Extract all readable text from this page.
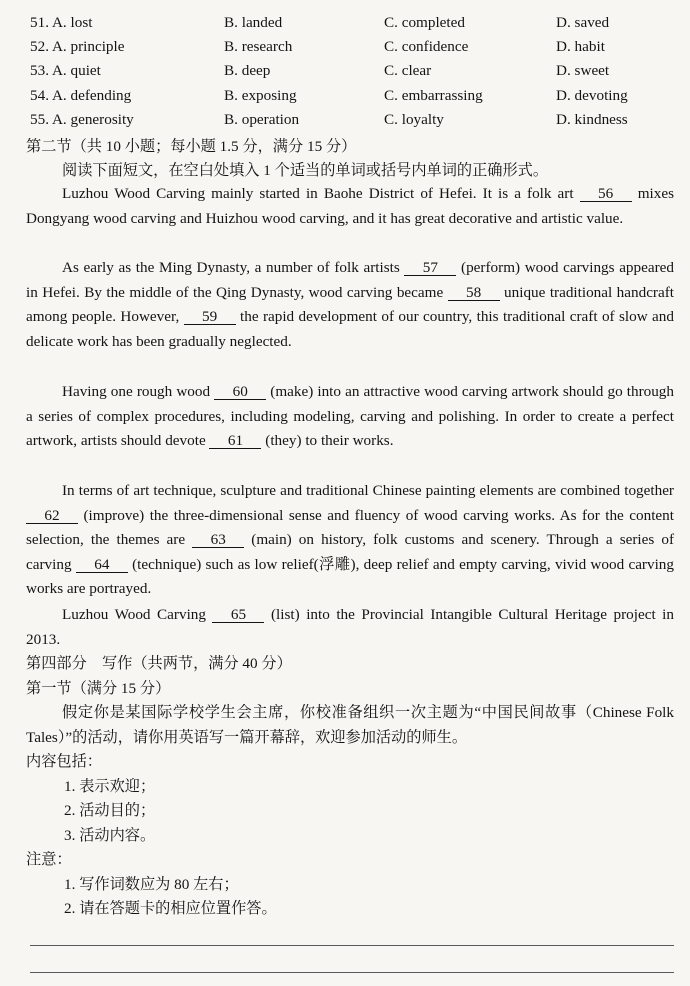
51. A. lost	B. landed	C. completed	D. saved
52. A. principle	B. research	C. confidence	D. habit
53. A. quiet	B. deep	C. clear	D. sweet
54. A. defending	B. exposing	C. embarrassing	D. devoting
55. A. generosity	B. operation	C. loyalty	D. kindness
第二节（共 10 小题；每小题 1.5 分，满分 15 分）
阅读下面短文，在空白处填入 1 个适当的单词或括号内单词的正确形式。
Luzhou Wood Carving mainly started in Baohe District of Hefei. It is a folk art 56 mixes Dongyang wood carving and Huizhou wood carving, and it has great decorative and artistic value.
As early as the Ming Dynasty, a number of folk artists 57 (perform) wood carvings appeared in Hefei. By the middle of the Qing Dynasty, wood carving became 58 unique traditional handcraft among people. However, 59 the rapid development of our country, this traditional craft of slow and delicate work has been gradually neglected.
Having one rough wood 60 (make) into an attractive wood carving artwork should go through a series of complex procedures, including modeling, carving and polishing. In order to create a perfect artwork, artists should devote 61 (they) to their works.
In terms of art technique, sculpture and traditional Chinese painting elements are combined together 62 (improve) the three-dimensional sense and fluency of wood carving works. As for the content selection, the themes are 63 (main) on history, folk customs and scenery. Through a series of carving 64 (technique) such as low relief(浮雕), deep relief and empty carving, vivid wood carving works are portrayed.
Luzhou Wood Carving 65 (list) into the Provincial Intangible Cultural Heritage project in 2013.
第四部分　写作（共两节，满分 40 分）
第一节（满分 15 分）
假定你是某国际学校学生会主席，你校准备组织一次主题为“中国民间故事（Chinese Folk Tales）”的活动，请你用英语写一篇开幕辞，欢迎参加活动的师生。
内容包括：
1. 表示欢迎；
2. 活动目的；
3. 活动内容。
注意：
1. 写作词数应为 80 左右；
2. 请在答题卡的相应位置作答。
